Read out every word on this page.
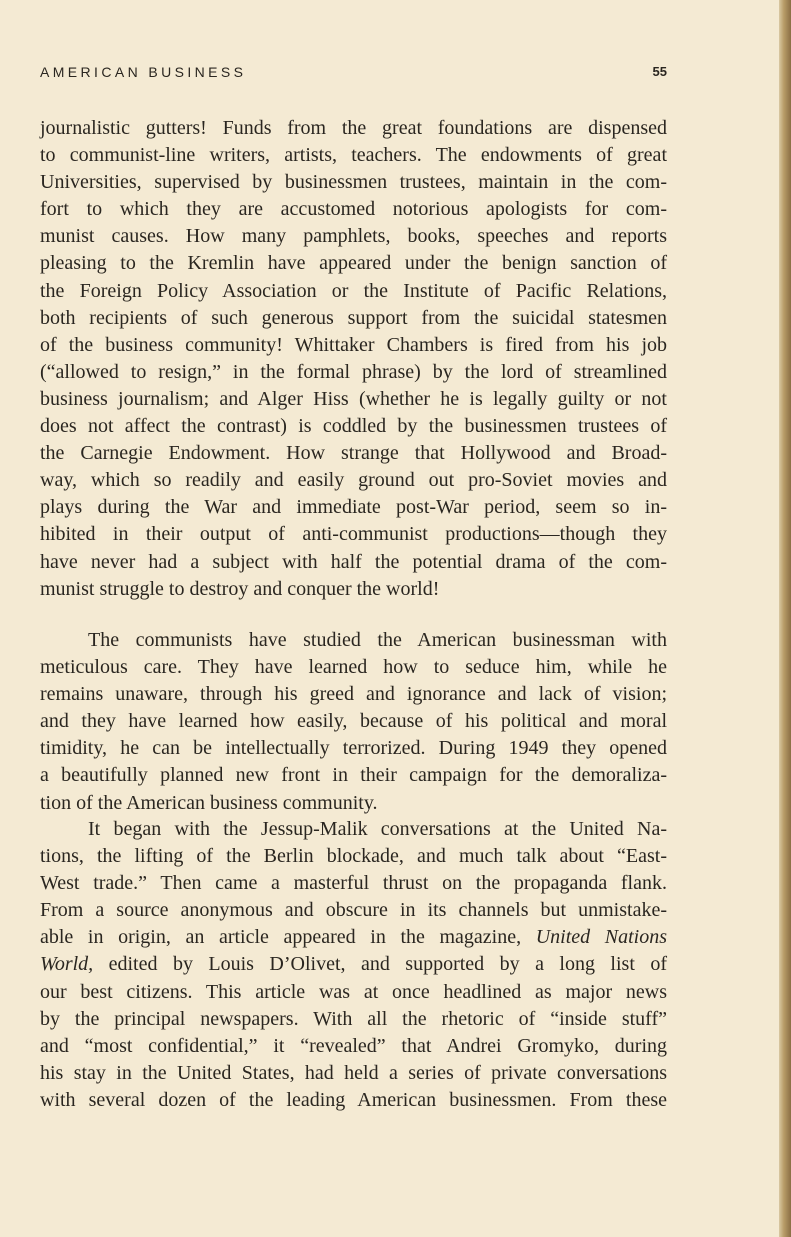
AMERICAN BUSINESS	55
journalistic gutters! Funds from the great foundations are dispensed
to communist-line writers, artists, teachers. The endowments of great
Universities, supervised by businessmen trustees, maintain in the com-
fort to which they are accustomed notorious apologists for com-
munist causes. How many pamphlets, books, speeches and reports
pleasing to the Kremlin have appeared under the benign sanction of
the Foreign Policy Association or the Institute of Pacific Relations,
both recipients of such generous support from the suicidal statesmen
of the business community! Whittaker Chambers is fired from his job
(“allowed to resign,” in the formal phrase) by the lord of streamlined
business journalism; and Alger Hiss (whether he is legally guilty or not
does not affect the contrast) is coddled by the businessmen trustees of
the Carnegie Endowment. How strange that Hollywood and Broad-
way, which so readily and easily ground out pro-Soviet movies and
plays during the War and immediate post-War period, seem so in-
hibited in their output of anti-communist productions—though they
have never had a subject with half the potential drama of the com-
munist struggle to destroy and conquer the world!
The communists have studied the American businessman with
meticulous care. They have learned how to seduce him, while he
remains unaware, through his greed and ignorance and lack of vision;
and they have learned how easily, because of his political and moral
timidity, he can be intellectually terrorized. During 1949 they opened
a beautifully planned new front in their campaign for the demoraliza-
tion of the American business community.
It began with the Jessup-Malik conversations at the United Na-
tions, the lifting of the Berlin blockade, and much talk about “East-
West trade.” Then came a masterful thrust on the propaganda flank.
From a source anonymous and obscure in its channels but unmistake-
able in origin, an article appeared in the magazine, United Nations
World, edited by Louis D’Olivet, and supported by a long list of
our best citizens. This article was at once headlined as major news
by the principal newspapers. With all the rhetoric of “inside stuff”
and “most confidential,” it “revealed” that Andrei Gromyko, during
his stay in the United States, had held a series of private conversations
with several dozen of the leading American businessmen. From these
